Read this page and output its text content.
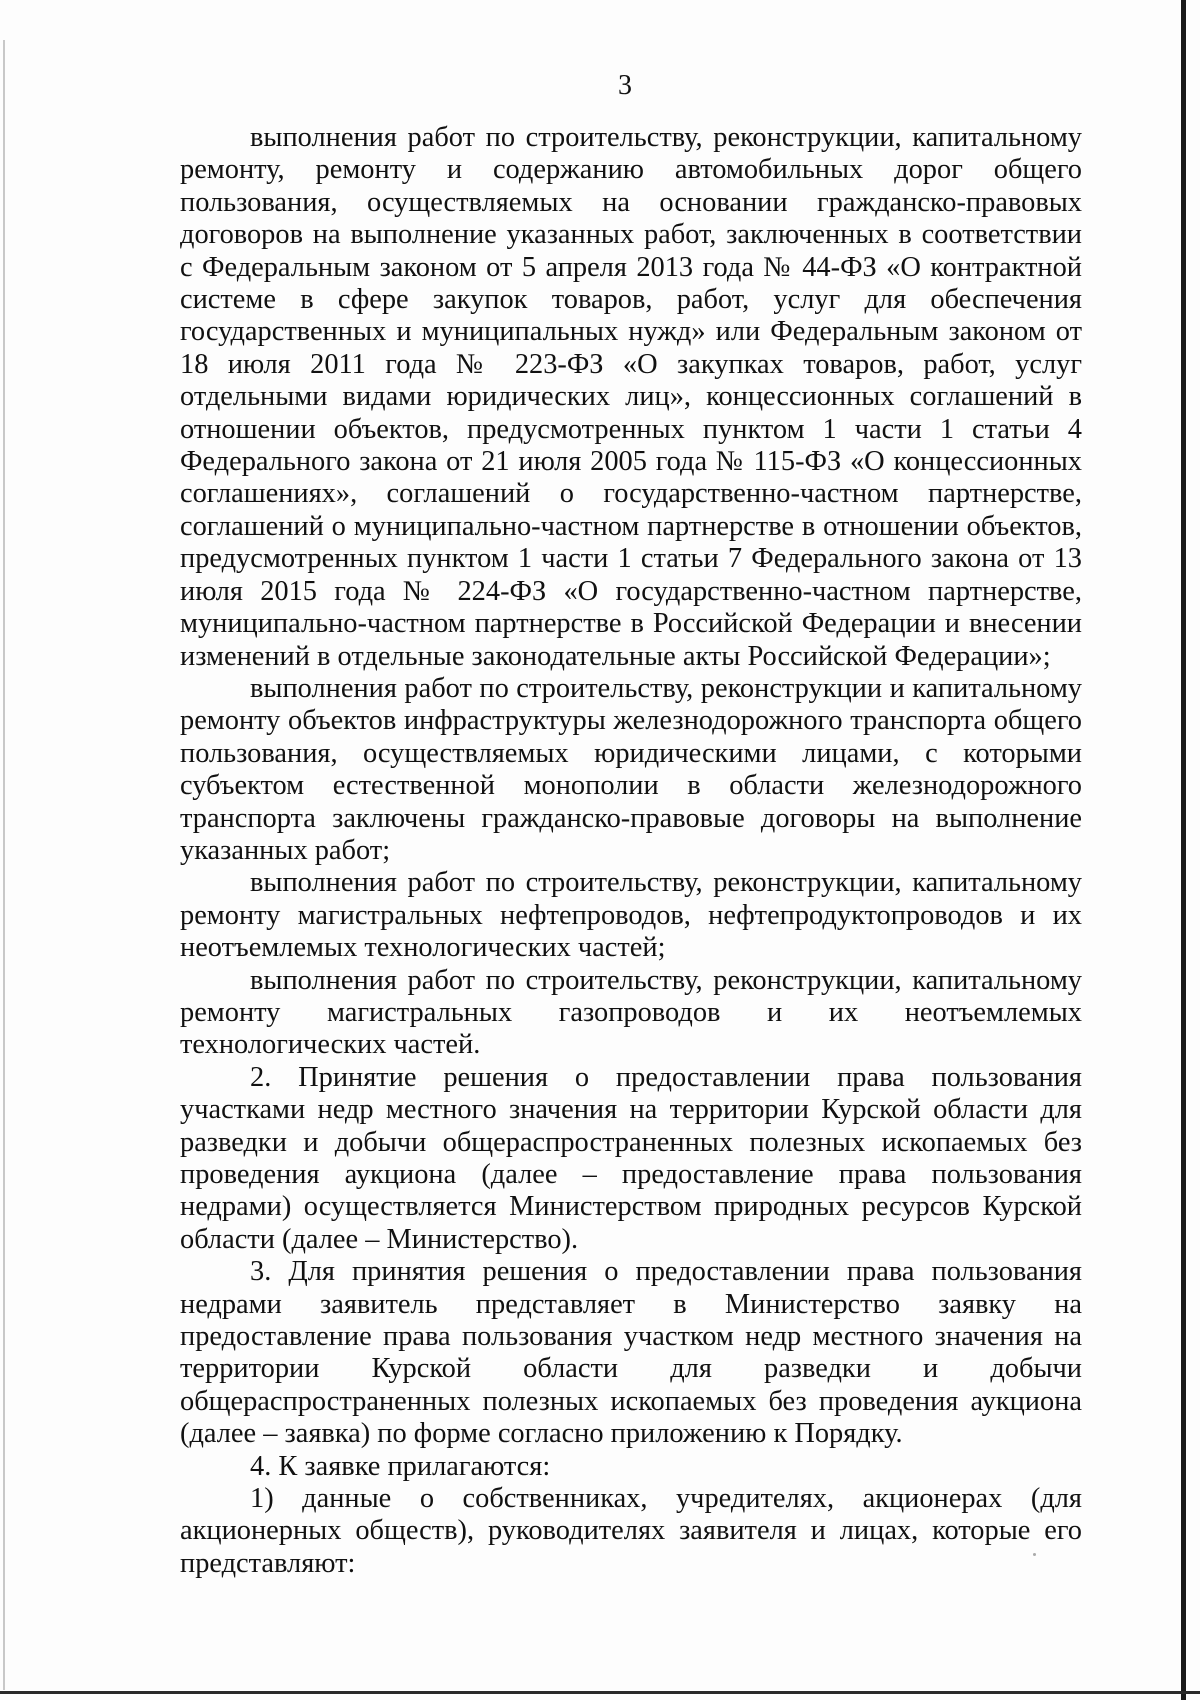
3

выполнения работ по строительству, реконструкции, капитальному ремонту, ремонту и содержанию автомобильных дорог общего пользования, осуществляемых на основании гражданско-правовых договоров на выполнение указанных работ, заключенных в соответствии с Федеральным законом от 5 апреля 2013 года № 44-ФЗ «О контрактной системе в сфере закупок товаров, работ, услуг для обеспечения государственных и муниципальных нужд» или Федеральным законом от 18 июля 2011 года № 223-ФЗ «О закупках товаров, работ, услуг отдельными видами юридических лиц», концессионных соглашений в отношении объектов, предусмотренных пунктом 1 части 1 статьи 4 Федерального закона от 21 июля 2005 года № 115-ФЗ «О концессионных соглашениях», соглашений о государственно-частном партнерстве, соглашений о муниципально-частном партнерстве в отношении объектов, предусмотренных пунктом 1 части 1 статьи 7 Федерального закона от 13 июля 2015 года № 224-ФЗ «О государственно-частном партнерстве, муниципально-частном партнерстве в Российской Федерации и внесении изменений в отдельные законодательные акты Российской Федерации»;

выполнения работ по строительству, реконструкции и капитальному ремонту объектов инфраструктуры железнодорожного транспорта общего пользования, осуществляемых юридическими лицами, с которыми субъектом естественной монополии в области железнодорожного транспорта заключены гражданско-правовые договоры на выполнение указанных работ;

выполнения работ по строительству, реконструкции, капитальному ремонту магистральных нефтепроводов, нефтепродуктопроводов и их неотъемлемых технологических частей;

выполнения работ по строительству, реконструкции, капитальному ремонту магистральных газопроводов и их неотъемлемых технологических частей.

2. Принятие решения о предоставлении права пользования участками недр местного значения на территории Курской области для разведки и добычи общераспространенных полезных ископаемых без проведения аукциона (далее – предоставление права пользования недрами) осуществляется Министерством природных ресурсов Курской области (далее – Министерство).

3. Для принятия решения о предоставлении права пользования недрами заявитель представляет в Министерство заявку на предоставление права пользования участком недр местного значения на территории Курской области для разведки и добычи общераспространенных полезных ископаемых без проведения аукциона (далее – заявка) по форме согласно приложению к Порядку.

4. К заявке прилагаются:

1) данные о собственниках, учредителях, акционерах (для акционерных обществ), руководителях заявителя и лицах, которые его представляют:
